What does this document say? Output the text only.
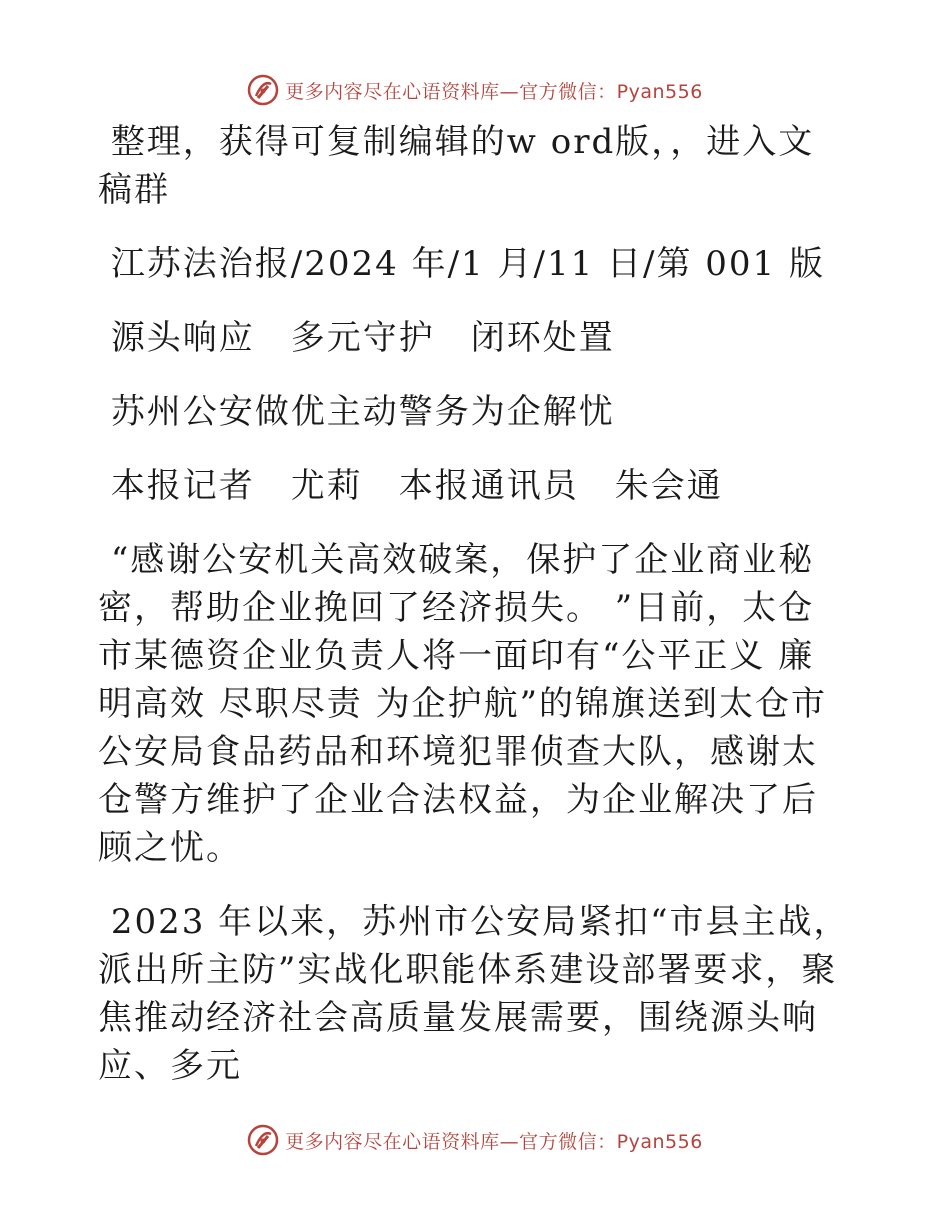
更多内容尽在心语资料库—官方微信：Pyan556

整理，获得可复制编辑的w ord版，，进入文稿群

江苏法治报/2024 年/1 月/11 日/第 001 版

源头响应　多元守护　闭环处置

苏州公安做优主动警务为企解忧

本报记者　尤莉　本报通讯员　朱会通

“感谢公安机关高效破案，保护了企业商业秘密，帮助企业挽回了经济损失。 ”日前，太仓市某德资企业负责人将一面印有“公平正义 廉明高效 尽职尽责 为企护航”的锦旗送到太仓市公安局食品药品和环境犯罪侦查大队，感谢太仓警方维护了企业合法权益，为企业解决了后顾之忧。

2023 年以来，苏州市公安局紧扣“市县主战，派出所主防”实战化职能体系建设部署要求，聚焦推动经济社会高质量发展需要，围绕源头响应、多元

更多内容尽在心语资料库—官方微信：Pyan556
